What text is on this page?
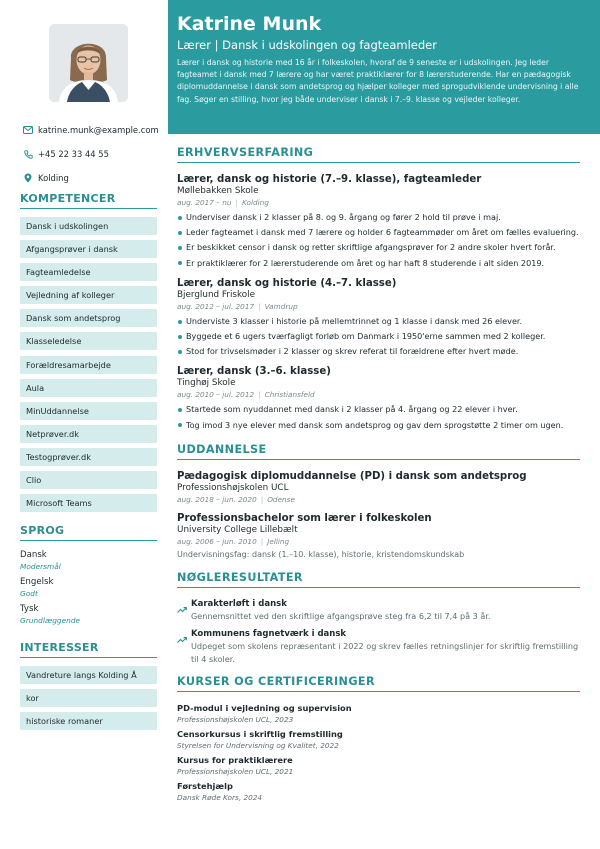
katrine.munk@example.com
+45 22 33 44 55
Kolding
KOMPETENCER
Dansk i udskolingen
Afgangsprøver i dansk
Fagteamledelse
Vejledning af kolleger
Dansk som andetsprog
Klasseledelse
Forældresamarbejde
Aula
MinUddannelse
Netprøver.dk
Testogprøver.dk
Clio
Microsoft Teams
SPROG
Dansk
Modersmål
Engelsk
Godt
Tysk
Grundlæggende
INTERESSER
Vandreture langs Kolding Å
kor
historiske romaner
Katrine Munk
Lærer | Dansk i udskolingen og fagteamleder
Lærer i dansk og historie med 16 år i folkeskolen, hvoraf de 9 seneste er i udskolingen. Jeg leder fagteamet i dansk med 7 lærere og har været praktiklærer for 8 lærerstuderende. Har en pædagogisk diplomuddannelse i dansk som andetsprog og hjælper kolleger med sprogudviklende undervisning i alle fag. Søger en stilling, hvor jeg både underviser i dansk i 7.–9. klasse og vejleder kolleger.
ERHVERVSERFARING
Lærer, dansk og historie (7.–9. klasse), fagteamleder
Møllebakken Skole
aug. 2017 – nu | Kolding
Underviser dansk i 2 klasser på 8. og 9. årgang og fører 2 hold til prøve i maj.
Leder fagteamet i dansk med 7 lærere og holder 6 fagteammøder om året om fælles evaluering.
Er beskikket censor i dansk og retter skriftlige afgangsprøver for 2 andre skoler hvert forår.
Er praktiklærer for 2 lærerstuderende om året og har haft 8 studerende i alt siden 2019.
Lærer, dansk og historie (4.–7. klasse)
Bjerglund Friskole
aug. 2012 – jul. 2017 | Vamdrup
Underviste 3 klasser i historie på mellemtrinnet og 1 klasse i dansk med 26 elever.
Byggede et 6 ugers tværfagligt forløb om Danmark i 1950'erne sammen med 2 kolleger.
Stod for trivselsmøder i 2 klasser og skrev referat til forældrene efter hvert møde.
Lærer, dansk (3.–6. klasse)
Tinghøj Skole
aug. 2010 – jul. 2012 | Christiansfeld
Startede som nyuddannet med dansk i 2 klasser på 4. årgang og 22 elever i hver.
Tog imod 3 nye elever med dansk som andetsprog og gav dem sprogstøtte 2 timer om ugen.
UDDANNELSE
Pædagogisk diplomuddannelse (PD) i dansk som andetsprog
Professionshøjskolen UCL
aug. 2018 – jun. 2020 | Odense
Professionsbachelor som lærer i folkeskolen
University College Lillebælt
aug. 2006 – jun. 2010 | Jelling
Undervisningsfag: dansk (1.–10. klasse), historie, kristendomskundskab
NØGLERESULTATER
Karakterløft i dansk
Gennemsnittet ved den skriftlige afgangsprøve steg fra 6,2 til 7,4 på 3 år.
Kommunens fagnetværk i dansk
Udpeget som skolens repræsentant i 2022 og skrev fælles retningslinjer for skriftlig fremstilling til 4 skoler.
KURSER OG CERTIFICERINGER
PD-modul i vejledning og supervision
Professionshøjskolen UCL, 2023
Censorkursus i skriftlig fremstilling
Styrelsen for Undervisning og Kvalitet, 2022
Kursus for praktiklærere
Professionshøjskolen UCL, 2021
Førstehjælp
Dansk Røde Kors, 2024
